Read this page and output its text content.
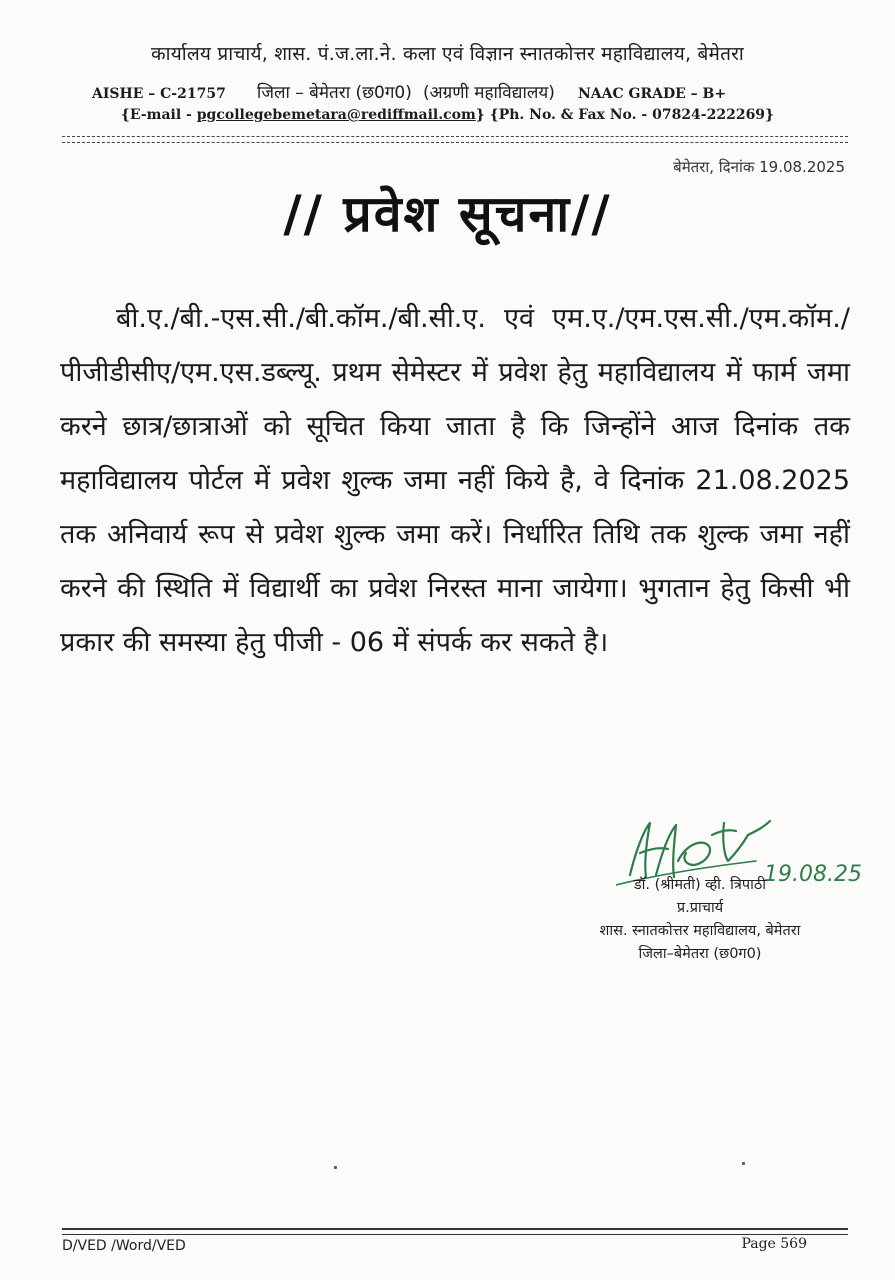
कार्यालय प्राचार्य, शास. पं.ज.ला.ने. कला एवं विज्ञान स्नातकोत्तर महाविद्यालय, बेमेतरा
AISHE – C-21757 जिला – बेमेतरा (छ0ग0) (अग्रणी महाविद्यालय) NAAC GRADE – B+
{E-mail - pgcollegebemetara@rediffmail.com} {Ph. No. & Fax No. - 07824-222269}
बेमेतरा, दिनांक 19.08.2025
// प्रवेश सूचना//
बी.ए./बी.-एस.सी./बी.कॉम./बी.सी.ए. एवं एम.ए./एम.एस.सी./एम.कॉम./पीजीडीसीए/एम.एस.डब्ल्यू. प्रथम सेमेस्टर में प्रवेश हेतु महाविद्यालय में फार्म जमा करने छात्र/छात्राओं को सूचित किया जाता है कि जिन्होंने आज दिनांक तक महाविद्यालय पोर्टल में प्रवेश शुल्क जमा नहीं किये है, वे दिनांक 21.08.2025 तक अनिवार्य रूप से प्रवेश शुल्क जमा करें। निर्धारित तिथि तक शुल्क जमा नहीं करने की स्थिति में विद्यार्थी का प्रवेश निरस्त माना जायेगा। भुगतान हेतु किसी भी प्रकार की समस्या हेतु पीजी - 06 में संपर्क कर सकते है।
19.08.25
डॉ. (श्रीमती) व्ही. त्रिपाठी
प्र.प्राचार्य
शास. स्नातकोत्तर महाविद्यालय, बेमेतरा
जिला–बेमेतरा (छ0ग0)
D/VED /Word/VED	Page 569
